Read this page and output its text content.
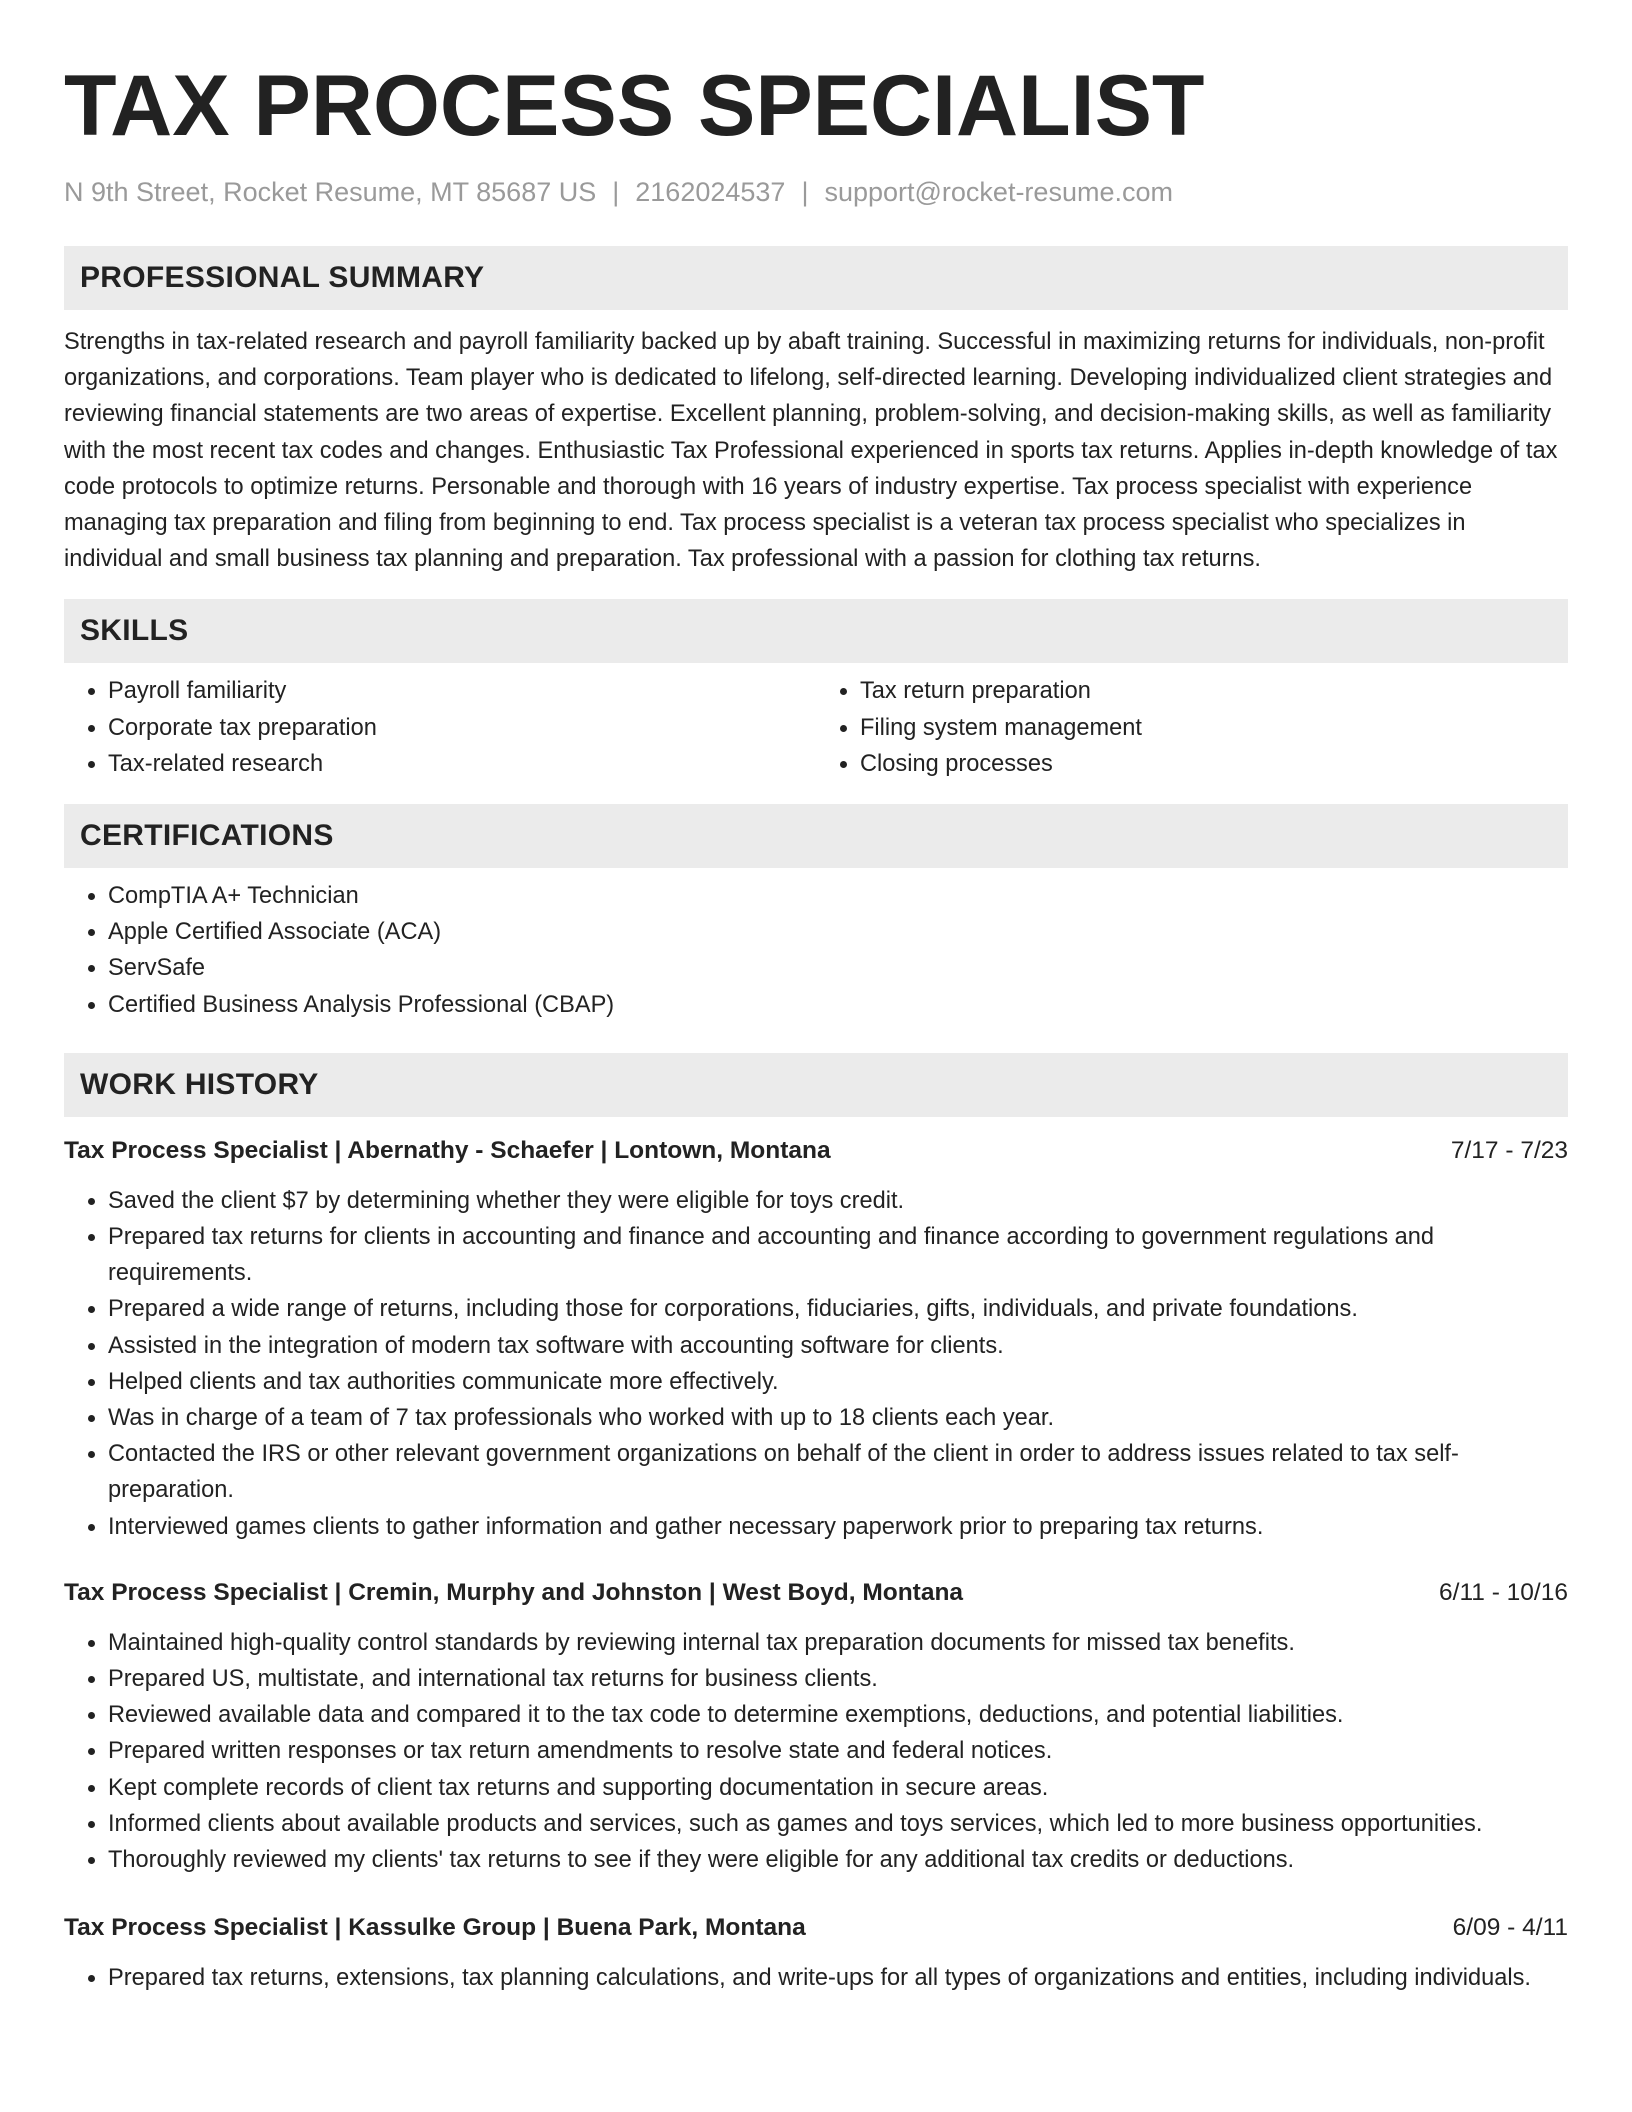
TAX PROCESS SPECIALIST
N 9th Street, Rocket Resume, MT 85687 US | 2162024537 | support@rocket-resume.com
PROFESSIONAL SUMMARY

Strengths in tax-related research and payroll familiarity backed up by abaft training. Successful in maximizing returns for individuals, non-profit organizations, and corporations. Team player who is dedicated to lifelong, self-directed learning. Developing individualized client strategies and reviewing financial statements are two areas of expertise. Excellent planning, problem-solving, and decision-making skills, as well as familiarity with the most recent tax codes and changes. Enthusiastic Tax Professional experienced in sports tax returns. Applies in-depth knowledge of tax code protocols to optimize returns. Personable and thorough with 16 years of industry expertise. Tax process specialist with experience managing tax preparation and filing from beginning to end. Tax process specialist is a veteran tax process specialist who specializes in individual and small business tax planning and preparation. Tax professional with a passion for clothing tax returns.

SKILLS
• Payroll familiarity
• Corporate tax preparation
• Tax-related research
• Tax return preparation
• Filing system management
• Closing processes
CERTIFICATIONS
• CompTIA A+ Technician
• Apple Certified Associate (ACA)
• ServSafe
• Certified Business Analysis Professional (CBAP)
WORK HISTORY
Tax Process Specialist | Abernathy - Schaefer | Lontown, Montana	7/17 - 7/23
• Saved the client $7 by determining whether they were eligible for toys credit.
• Prepared tax returns for clients in accounting and finance and accounting and finance according to government regulations and requirements.
• Prepared a wide range of returns, including those for corporations, fiduciaries, gifts, individuals, and private foundations.
• Assisted in the integration of modern tax software with accounting software for clients.
• Helped clients and tax authorities communicate more effectively.
• Was in charge of a team of 7 tax professionals who worked with up to 18 clients each year.
• Contacted the IRS or other relevant government organizations on behalf of the client in order to address issues related to tax self-preparation.
• Interviewed games clients to gather information and gather necessary paperwork prior to preparing tax returns.
Tax Process Specialist | Cremin, Murphy and Johnston | West Boyd, Montana	6/11 - 10/16
• Maintained high-quality control standards by reviewing internal tax preparation documents for missed tax benefits.
• Prepared US, multistate, and international tax returns for business clients.
• Reviewed available data and compared it to the tax code to determine exemptions, deductions, and potential liabilities.
• Prepared written responses or tax return amendments to resolve state and federal notices.
• Kept complete records of client tax returns and supporting documentation in secure areas.
• Informed clients about available products and services, such as games and toys services, which led to more business opportunities.
• Thoroughly reviewed my clients' tax returns to see if they were eligible for any additional tax credits or deductions.
Tax Process Specialist | Kassulke Group | Buena Park, Montana	6/09 - 4/11
• Prepared tax returns, extensions, tax planning calculations, and write-ups for all types of organizations and entities, including individuals.
